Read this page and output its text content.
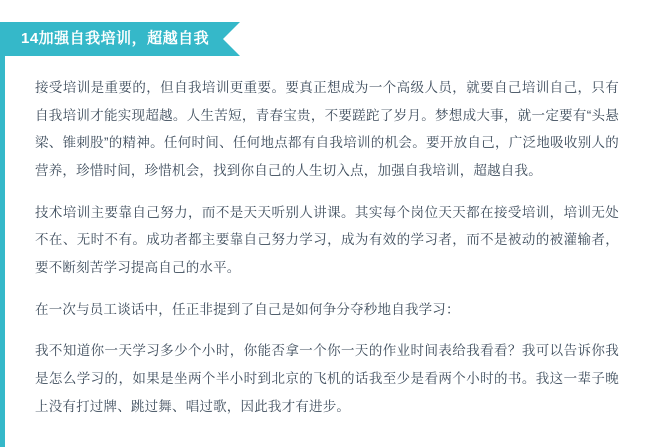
14加强自我培训，超越自我

接受培训是重要的，但自我培训更重要。要真正想成为一个高级人员，就要自己培训自己，只有自我培训才能实现超越。人生苦短，青春宝贵，不要蹉跎了岁月。梦想成大事，就一定要有“头悬梁、锥刺股”的精神。任何时间、任何地点都有自我培训的机会。要开放自己，广泛地吸收别人的营养，珍惜时间，珍惜机会，找到你自己的人生切入点，加强自我培训，超越自我。

技术培训主要靠自己努力，而不是天天听别人讲课。其实每个岗位天天都在接受培训，培训无处不在、无时不有。成功者都主要靠自己努力学习，成为有效的学习者，而不是被动的被灌输者，要不断刻苦学习提高自己的水平。

在一次与员工谈话中，任正非提到了自己是如何争分夺秒地自我学习：

我不知道你一天学习多少个小时，你能否拿一个你一天的作业时间表给我看看？我可以告诉你我是怎么学习的，如果是坐两个半小时到北京的飞机的话我至少是看两个小时的书。我这一辈子晚上没有打过牌、跳过舞、唱过歌，因此我才有进步。
